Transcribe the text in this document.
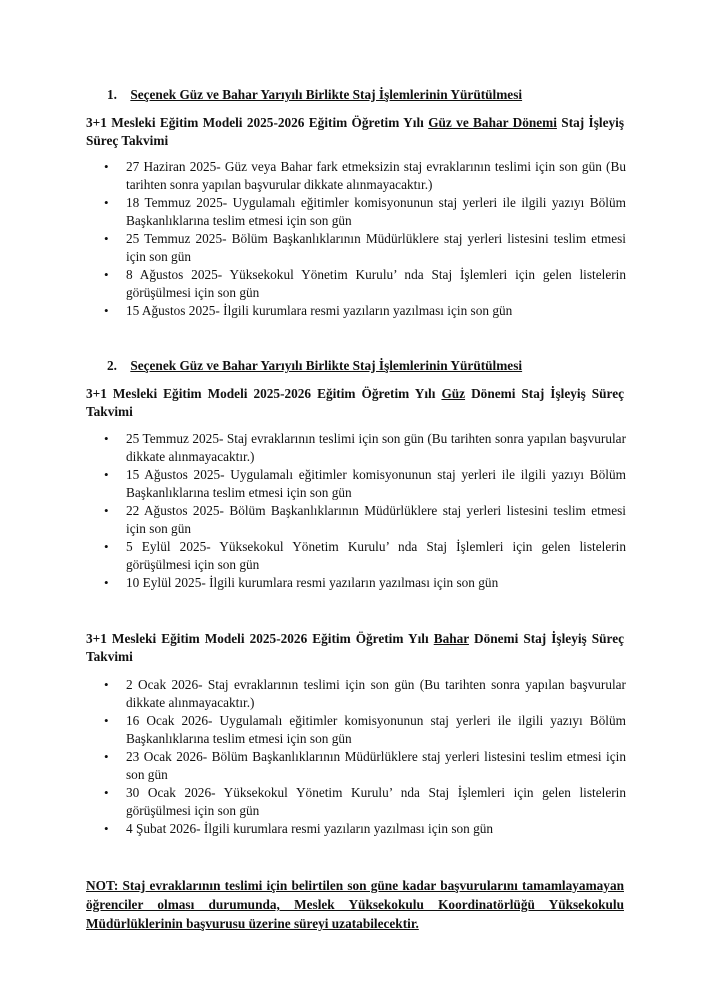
1. Seçenek Güz ve Bahar Yarıyılı Birlikte Staj İşlemlerinin Yürütülmesi
3+1 Mesleki Eğitim Modeli 2025-2026 Eğitim Öğretim Yılı Güz ve Bahar Dönemi Staj İşleyiş Süreç Takvimi
• 27 Haziran 2025- Güz veya Bahar fark etmeksizin staj evraklarının teslimi için son gün (Bu tarihten sonra yapılan başvurular dikkate alınmayacaktır.)
• 18 Temmuz 2025- Uygulamalı eğitimler komisyonunun staj yerleri ile ilgili yazıyı Bölüm Başkanlıklarına teslim etmesi için son gün
• 25 Temmuz 2025- Bölüm Başkanlıklarının Müdürlüklere staj yerleri listesini teslim etmesi için son gün
• 8 Ağustos 2025- Yüksekokul Yönetim Kurulu’ nda Staj İşlemleri için gelen listelerin görüşülmesi için son gün
• 15 Ağustos 2025- İlgili kurumlara resmi yazıların yazılması için son gün
2. Seçenek Güz ve Bahar Yarıyılı Birlikte Staj İşlemlerinin Yürütülmesi
3+1 Mesleki Eğitim Modeli 2025-2026 Eğitim Öğretim Yılı Güz Dönemi Staj İşleyiş Süreç Takvimi
• 25 Temmuz 2025- Staj evraklarının teslimi için son gün (Bu tarihten sonra yapılan başvurular dikkate alınmayacaktır.)
• 15 Ağustos 2025- Uygulamalı eğitimler komisyonunun staj yerleri ile ilgili yazıyı Bölüm Başkanlıklarına teslim etmesi için son gün
• 22 Ağustos 2025- Bölüm Başkanlıklarının Müdürlüklere staj yerleri listesini teslim etmesi için son gün
• 5 Eylül 2025- Yüksekokul Yönetim Kurulu’ nda Staj İşlemleri için gelen listelerin görüşülmesi için son gün
• 10 Eylül 2025- İlgili kurumlara resmi yazıların yazılması için son gün
3+1 Mesleki Eğitim Modeli 2025-2026 Eğitim Öğretim Yılı Bahar Dönemi Staj İşleyiş Süreç Takvimi
• 2 Ocak 2026- Staj evraklarının teslimi için son gün (Bu tarihten sonra yapılan başvurular dikkate alınmayacaktır.)
• 16 Ocak 2026- Uygulamalı eğitimler komisyonunun staj yerleri ile ilgili yazıyı Bölüm Başkanlıklarına teslim etmesi için son gün
• 23 Ocak 2026- Bölüm Başkanlıklarının Müdürlüklere staj yerleri listesini teslim etmesi için son gün
• 30 Ocak 2026- Yüksekokul Yönetim Kurulu’ nda Staj İşlemleri için gelen listelerin görüşülmesi için son gün
• 4 Şubat 2026- İlgili kurumlara resmi yazıların yazılması için son gün
NOT: Staj evraklarının teslimi için belirtilen son güne kadar başvurularını tamamlayamayan öğrenciler olması durumunda, Meslek Yüksekokulu Koordinatörlüğü Yüksekokulu Müdürlüklerinin başvurusu üzerine süreyi uzatabilecektir.
